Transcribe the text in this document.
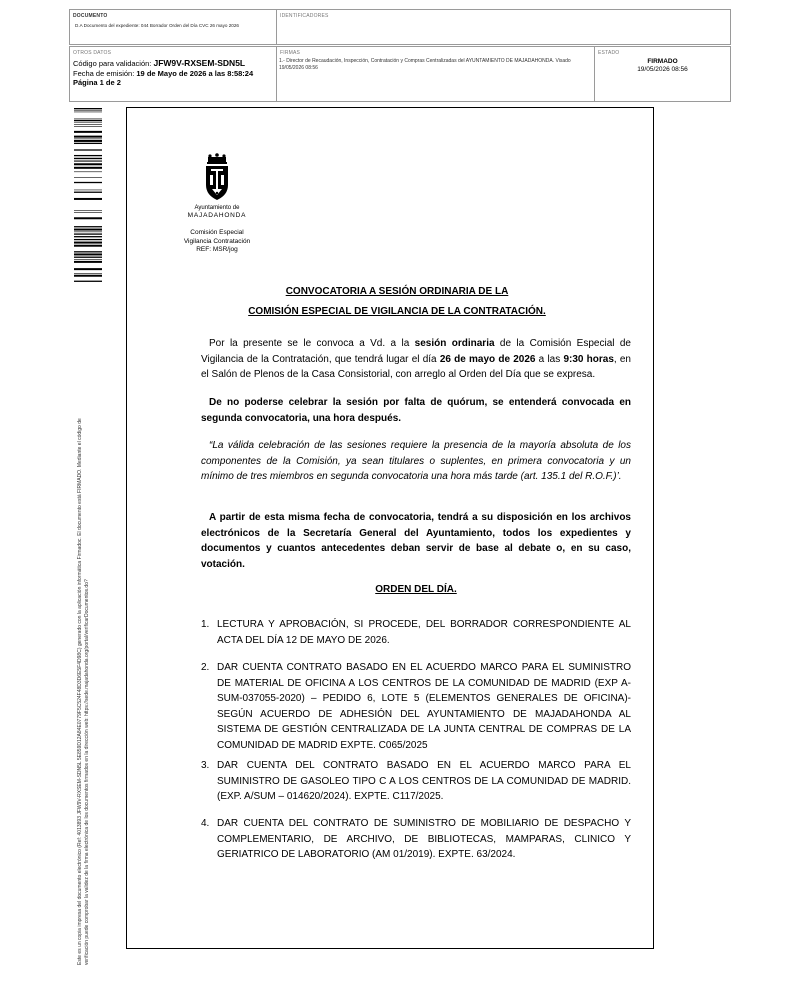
DOCUMENTO
D.A Documento del expediente: 044 Borrador Orden del Día CVC 26 mayo 2026
IDENTIFICADORES
OTROS DATOS
Código para validación: JFW9V-RXSEM-SDN5L
Fecha de emisión: 19 de Mayo de 2026 a las 8:58:24
Página 1 de 2
FIRMAS
1.- Director de Recaudación, Inspección, Contratación y Compras Centralizadas del AYUNTAMIENTO DE MAJADAHONDA. Visado 19/05/2026 08:56
ESTADO
FIRMADO
19/05/2026 08:56
Este es un copia impresa del documento electrónico (Ref: 4013893 JFW9V-RXSEM-SDN5L 5E859D12A84E0779F5C524F48D3D6E5F4D98C) generado con la aplicación informática Firmadoc. El documento está FIRMADO. Mediante el código de verificación puede comprobar la validez de la firma electrónica de los documentos firmados en la dirección web: https://sede.majadahonda.org/portal/verificarDocumentos.do?
Ayuntamiento de
MAJADAHONDA
Comisión Especial
Vigilancia Contratación
REF: MSR/jog
CONVOCATORIA A SESIÓN ORDINARIA DE LA
COMISIÓN ESPECIAL DE VIGILANCIA DE LA CONTRATACIÓN.
Por la presente se le convoca a Vd. a la sesión ordinaria de la Comisión Especial de Vigilancia de la Contratación, que tendrá lugar el día 26 de mayo de 2026 a las 9:30 horas, en el Salón de Plenos de la Casa Consistorial, con arreglo al Orden del Día que se expresa.
De no poderse celebrar la sesión por falta de quórum, se entenderá convocada en segunda convocatoria, una hora después.
“La válida celebración de las sesiones requiere la presencia de la mayoría absoluta de los componentes de la Comisión, ya sean titulares o suplentes, en primera convocatoria y un mínimo de tres miembros en segunda convocatoria una hora más tarde (art. 135.1 del R.O.F.)’.
A partir de esta misma fecha de convocatoria, tendrá a su disposición en los archivos electrónicos de la Secretaría General del Ayuntamiento, todos los expedientes y documentos y cuantos antecedentes deban servir de base al debate o, en su caso, votación.
ORDEN DEL DÍA.
1. LECTURA Y APROBACIÓN, SI PROCEDE, DEL BORRADOR CORRESPONDIENTE AL ACTA DEL DÍA 12 DE MAYO DE 2026.
2. DAR CUENTA CONTRATO BASADO EN EL ACUERDO MARCO PARA EL SUMINISTRO DE MATERIAL DE OFICINA A LOS CENTROS DE LA COMUNIDAD DE MADRID (EXP A-SUM-037055-2020) – PEDIDO 6, LOTE 5 (ELEMENTOS GENERALES DE OFICINA)- SEGÚN ACUERDO DE ADHESIÓN DEL AYUNTAMIENTO DE MAJADAHONDA AL SISTEMA DE GESTIÓN CENTRALIZADA DE LA JUNTA CENTRAL DE COMPRAS DE LA COMUNIDAD DE MADRID EXPTE. C065/2025
3. DAR CUENTA DEL CONTRATO BASADO EN EL ACUERDO MARCO PARA EL SUMINISTRO DE GASOLEO TIPO C A LOS CENTROS DE LA COMUNIDAD DE MADRID. (EXP. A/SUM – 014620/2024). EXPTE. C117/2025.
4. DAR CUENTA DEL CONTRATO DE SUMINISTRO DE MOBILIARIO DE DESPACHO Y COMPLEMENTARIO, DE ARCHIVO, DE BIBLIOTECAS, MAMPARAS, CLINICO Y GERIATRICO DE LABORATORIO (AM 01/2019). EXPTE. 63/2024.
